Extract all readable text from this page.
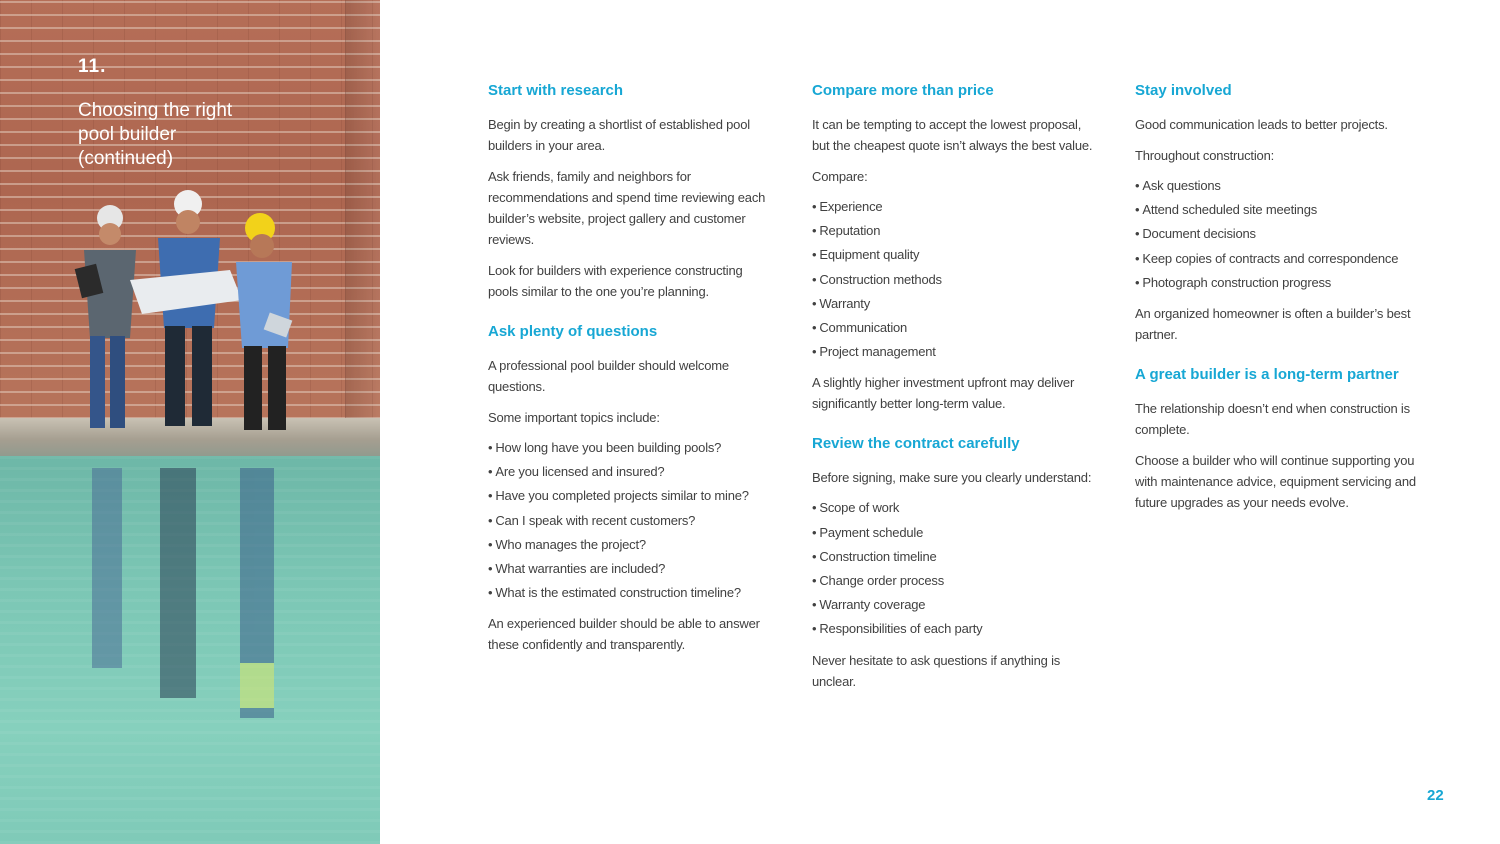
11.
Choosing the right
pool builder
(continued)
Start with research

Begin by creating a shortlist of established pool builders in your area.

Ask friends, family and neighbors for recommendations and spend time reviewing each builder’s website, project gallery and customer reviews.

Look for builders with experience constructing pools similar to the one you’re planning.

Ask plenty of questions

A professional pool builder should welcome questions.

Some important topics include:

• How long have you been building pools?
• Are you licensed and insured?
• Have you completed projects similar to mine?
• Can I speak with recent customers?
• Who manages the project?
• What warranties are included?
• What is the estimated construction timeline?

An experienced builder should be able to answer these confidently and transparently.

Compare more than price

It can be tempting to accept the lowest proposal, but the cheapest quote isn’t always the best value.

Compare:

• Experience
• Reputation
• Equipment quality
• Construction methods
• Warranty
• Communication
• Project management

A slightly higher investment upfront may deliver significantly better long-term value.

Review the contract carefully

Before signing, make sure you clearly understand:

• Scope of work
• Payment schedule
• Construction timeline
• Change order process
• Warranty coverage
• Responsibilities of each party

Never hesitate to ask questions if anything is unclear.

Stay involved

Good communication leads to better projects.

Throughout construction:

• Ask questions
• Attend scheduled site meetings
• Document decisions
• Keep copies of contracts and correspondence
• Photograph construction progress

An organized homeowner is often a builder’s best partner.

A great builder is a long-term partner

The relationship doesn’t end when construction is complete.

Choose a builder who will continue supporting you with maintenance advice, equipment servicing and future upgrades as your needs evolve.

22
